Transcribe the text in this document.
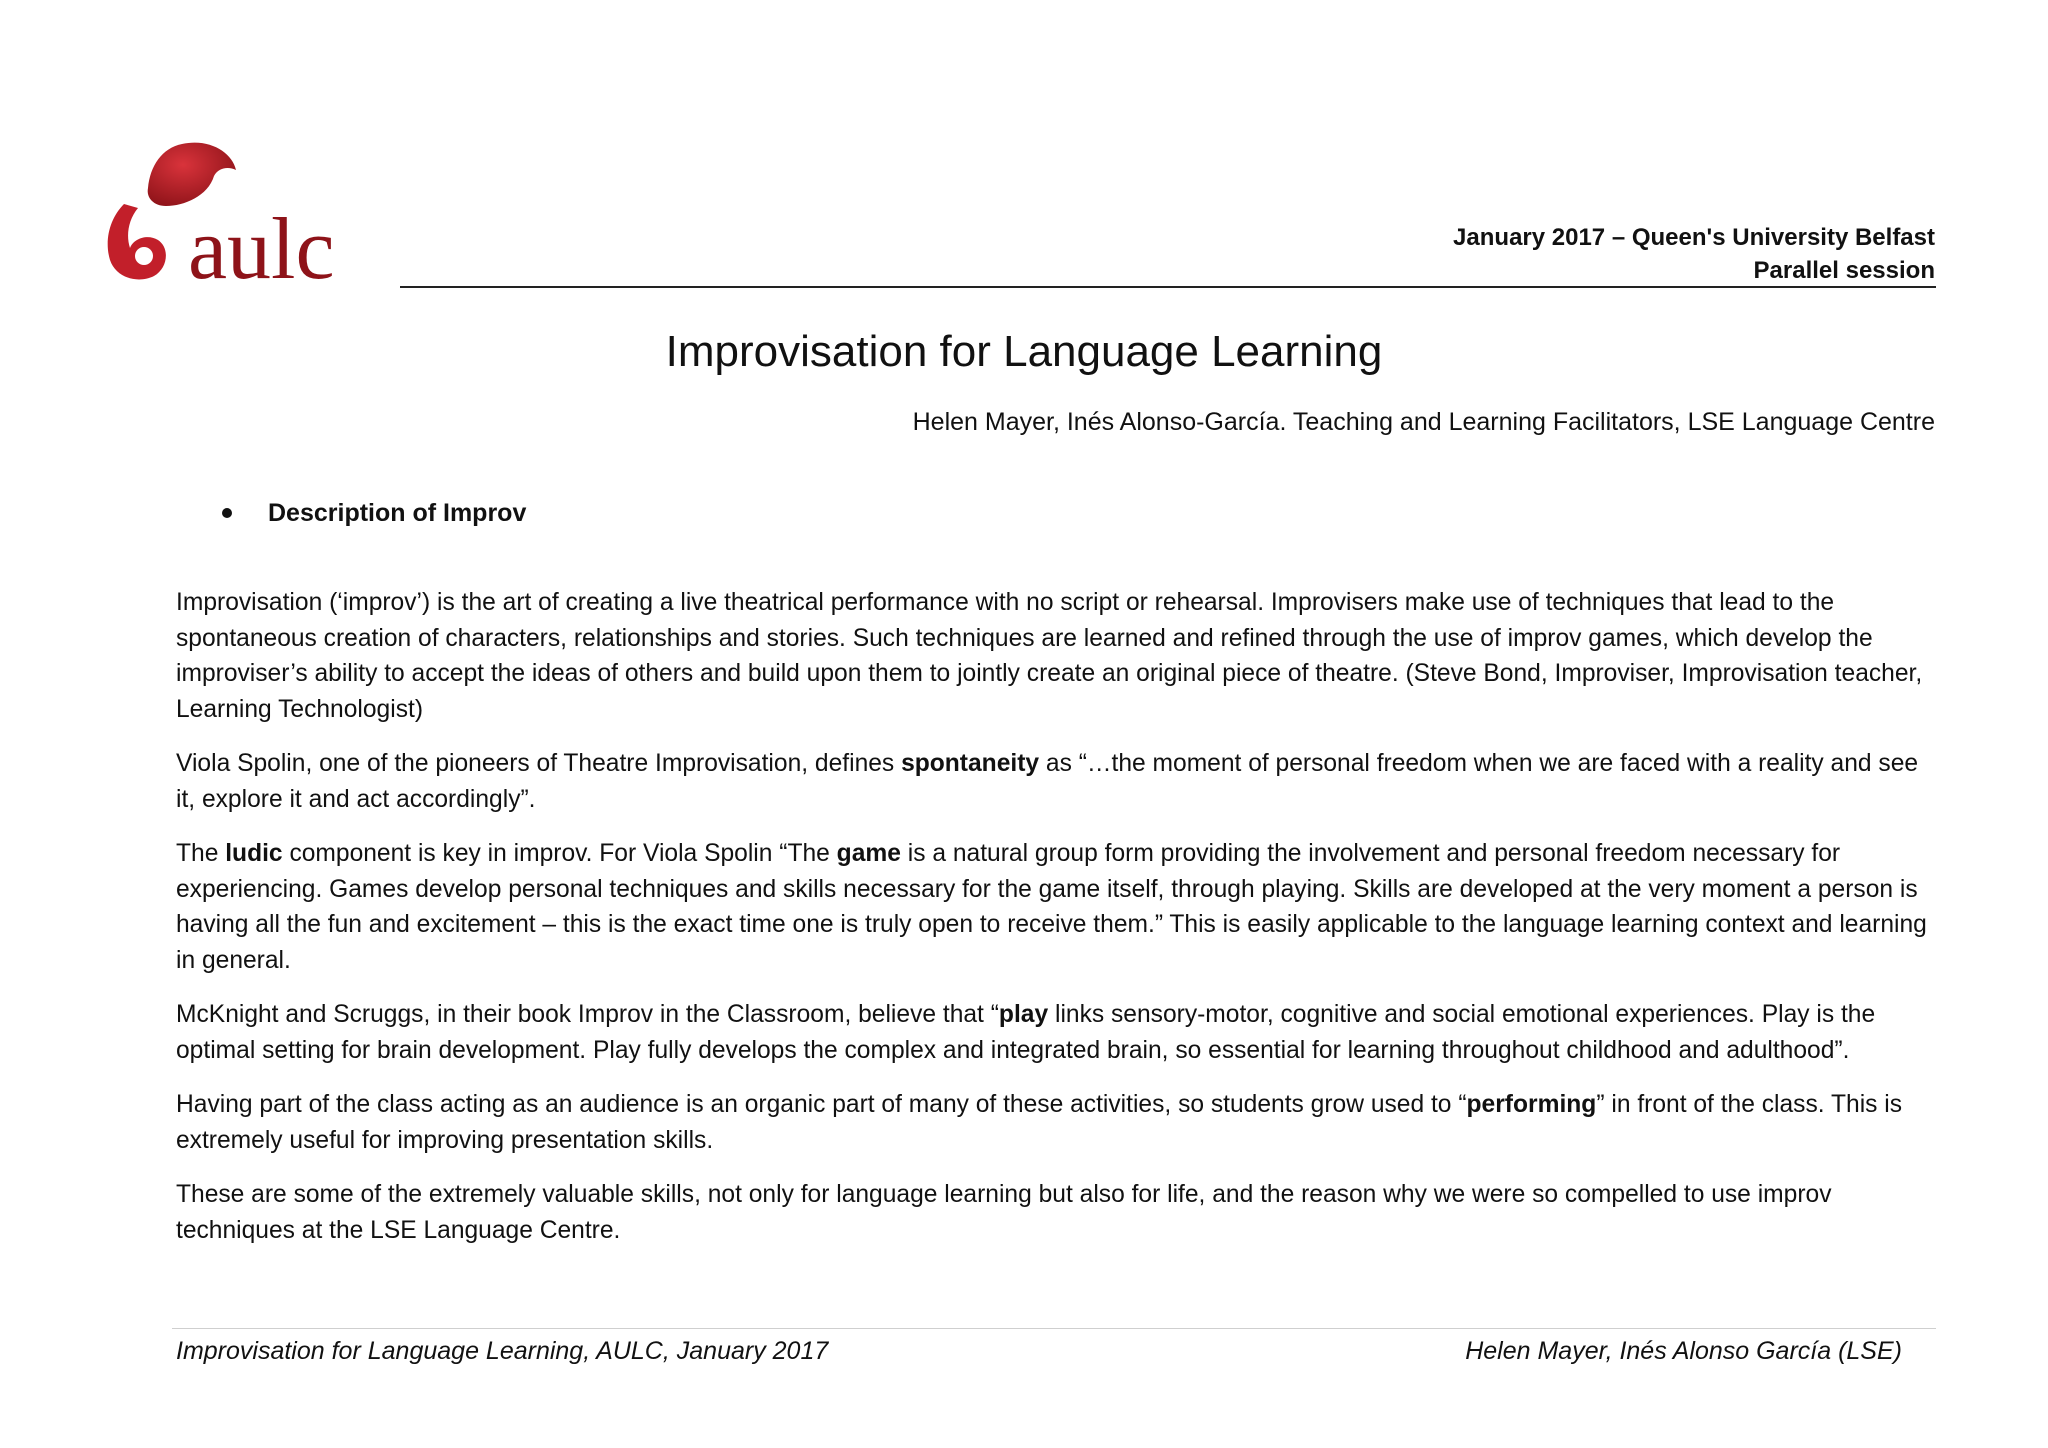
aulc	January 2017 – Queen's University Belfast
Parallel session
Improvisation for Language Learning
Helen Mayer, Inés Alonso-García. Teaching and Learning Facilitators, LSE Language Centre
Description of Improv

Improvisation (‘improv’) is the art of creating a live theatrical performance with no script or rehearsal. Improvisers make use of techniques that lead to the spontaneous creation of characters, relationships and stories. Such techniques are learned and refined through the use of improv games, which develop the improviser’s ability to accept the ideas of others and build upon them to jointly create an original piece of theatre. (Steve Bond, Improviser, Improvisation teacher, Learning Technologist)

Viola Spolin, one of the pioneers of Theatre Improvisation, defines spontaneity as “…the moment of personal freedom when we are faced with a reality and see it, explore it and act accordingly”.

The ludic component is key in improv. For Viola Spolin “The game is a natural group form providing the involvement and personal freedom necessary for experiencing. Games develop personal techniques and skills necessary for the game itself, through playing. Skills are developed at the very moment a person is having all the fun and excitement – this is the exact time one is truly open to receive them.” This is easily applicable to the language learning context and learning in general.

McKnight and Scruggs, in their book Improv in the Classroom, believe that “play links sensory-motor, cognitive and social emotional experiences. Play is the optimal setting for brain development. Play fully develops the complex and integrated brain, so essential for learning throughout childhood and adulthood”.

Having part of the class acting as an audience is an organic part of many of these activities, so students grow used to “performing” in front of the class. This is extremely useful for improving presentation skills.

These are some of the extremely valuable skills, not only for language learning but also for life, and the reason why we were so compelled to use improv techniques at the LSE Language Centre.

Improvisation for Language Learning, AULC, January 2017	Helen Mayer, Inés Alonso García (LSE)
